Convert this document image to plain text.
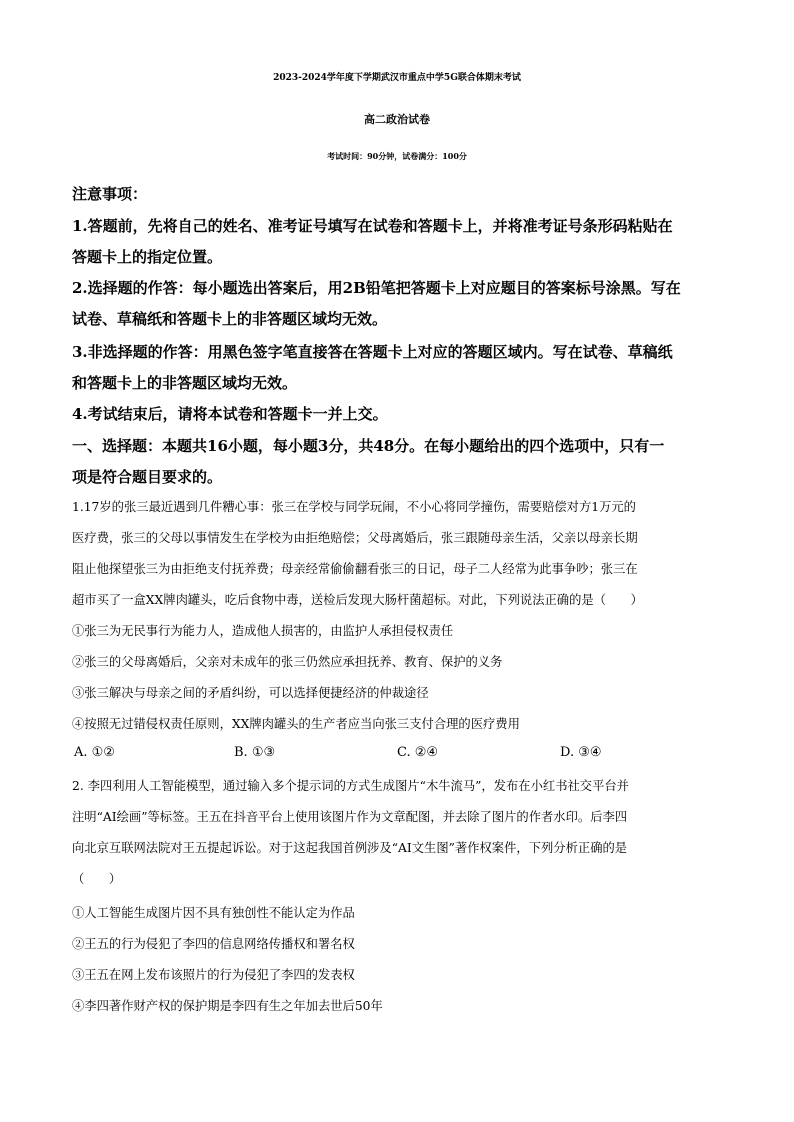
2023-2024学年度下学期武汉市重点中学5G联合体期末考试
高二政治试卷
考试时间：90分钟，试卷满分：100分
注意事项：
1.答题前，先将自己的姓名、准考证号填写在试卷和答题卡上，并将准考证号条形码粘贴在
答题卡上的指定位置。
2.选择题的作答：每小题选出答案后，用2B铅笔把答题卡上对应题目的答案标号涂黑。写在
试卷、草稿纸和答题卡上的非答题区域均无效。
3.非选择题的作答：用黑色签字笔直接答在答题卡上对应的答题区域内。写在试卷、草稿纸
和答题卡上的非答题区域均无效。
4.考试结束后，请将本试卷和答题卡一并上交。
一、选择题：本题共16小题，每小题3分，共48分。在每小题给出的四个选项中，只有一
项是符合题目要求的。
1.17岁的张三最近遇到几件糟心事：张三在学校与同学玩闹，不小心将同学撞伤，需要赔偿对方1万元的
医疗费，张三的父母以事情发生在学校为由拒绝赔偿；父母离婚后，张三跟随母亲生活，父亲以母亲长期
阻止他探望张三为由拒绝支付抚养费；母亲经常偷偷翻看张三的日记，母子二人经常为此事争吵；张三在
超市买了一盒XX牌肉罐头，吃后食物中毒，送检后发现大肠杆菌超标。对此，下列说法正确的是（　　）
①张三为无民事行为能力人，造成他人损害的，由监护人承担侵权责任
②张三的父母离婚后，父亲对未成年的张三仍然应承担抚养、教育、保护的义务
③张三解决与母亲之间的矛盾纠纷，可以选择便捷经济的仲裁途径
④按照无过错侵权责任原则，XX牌肉罐头的生产者应当向张三支付合理的医疗费用
A. ①②	B. ①③	C. ②④	D. ③④
2. 李四利用人工智能模型，通过输入多个提示词的方式生成图片“木牛流马”，发布在小红书社交平台并
注明“AI绘画”等标签。王五在抖音平台上使用该图片作为文章配图，并去除了图片的作者水印。后李四
向北京互联网法院对王五提起诉讼。对于这起我国首例涉及“AI文生图”著作权案件，下列分析正确的是
（　　）
①人工智能生成图片因不具有独创性不能认定为作品
②王五的行为侵犯了李四的信息网络传播权和署名权
③王五在网上发布该照片的行为侵犯了李四的发表权
④李四著作财产权的保护期是李四有生之年加去世后50年
